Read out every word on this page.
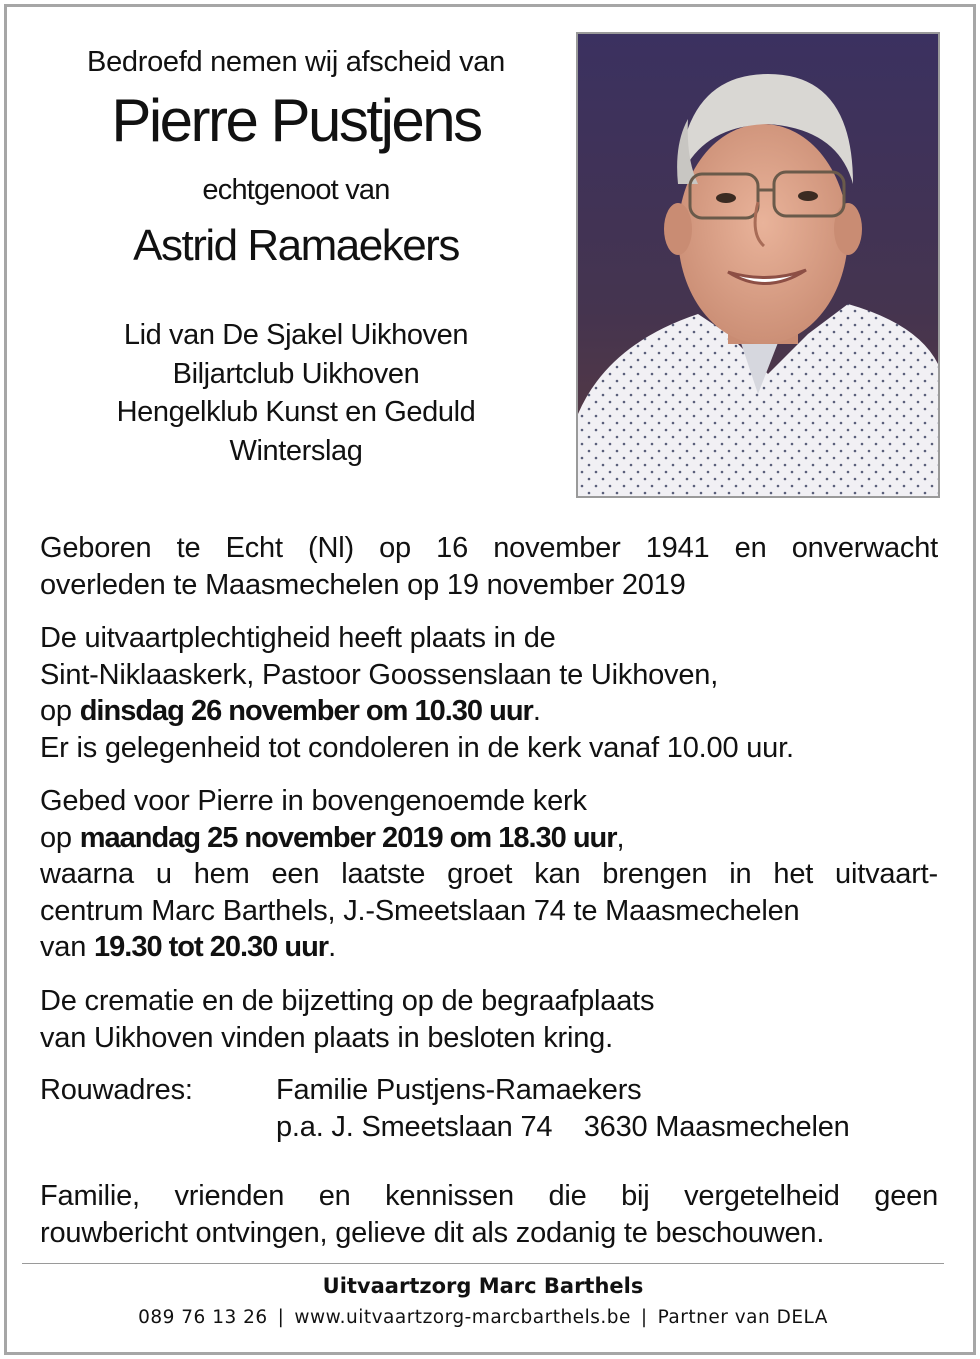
Bedroefd nemen wij afscheid van
Pierre Pustjens
echtgenoot van
Astrid Ramaekers
Lid van De Sjakel Uikhoven
Biljartclub Uikhoven
Hengelklub Kunst en Geduld
Winterslag

Geboren te Echt (Nl) op 16 november 1941 en onverwacht

overleden te Maasmechelen op 19 november 2019

De uitvaartplechtigheid heeft plaats in de

Sint-Niklaaskerk, Pastoor Goossenslaan te Uikhoven,

op dinsdag 26 november om 10.30 uur.

Er is gelegenheid tot condoleren in de kerk vanaf 10.00 uur.

Gebed voor Pierre in bovengenoemde kerk

op maandag 25 november 2019 om 18.30 uur,

waarna u hem een laatste groet kan brengen in het uitvaart-

centrum Marc Barthels, J.-Smeetslaan 74 te Maasmechelen

van 19.30 tot 20.30 uur.

De crematie en de bijzetting op de begraafplaats

van Uikhoven vinden plaats in besloten kring.

Rouwadres:	Familie Pustjens-Ramaekers
p.a. J. Smeetslaan 74    3630 Maasmechelen

Familie, vrienden en kennissen die bij vergetelheid geen

rouwbericht ontvingen, gelieve dit als zodanig te beschouwen.

Uitvaartzorg Marc Barthels
089 76 13 26 | www.uitvaartzorg-marcbarthels.be | Partner van DELA
